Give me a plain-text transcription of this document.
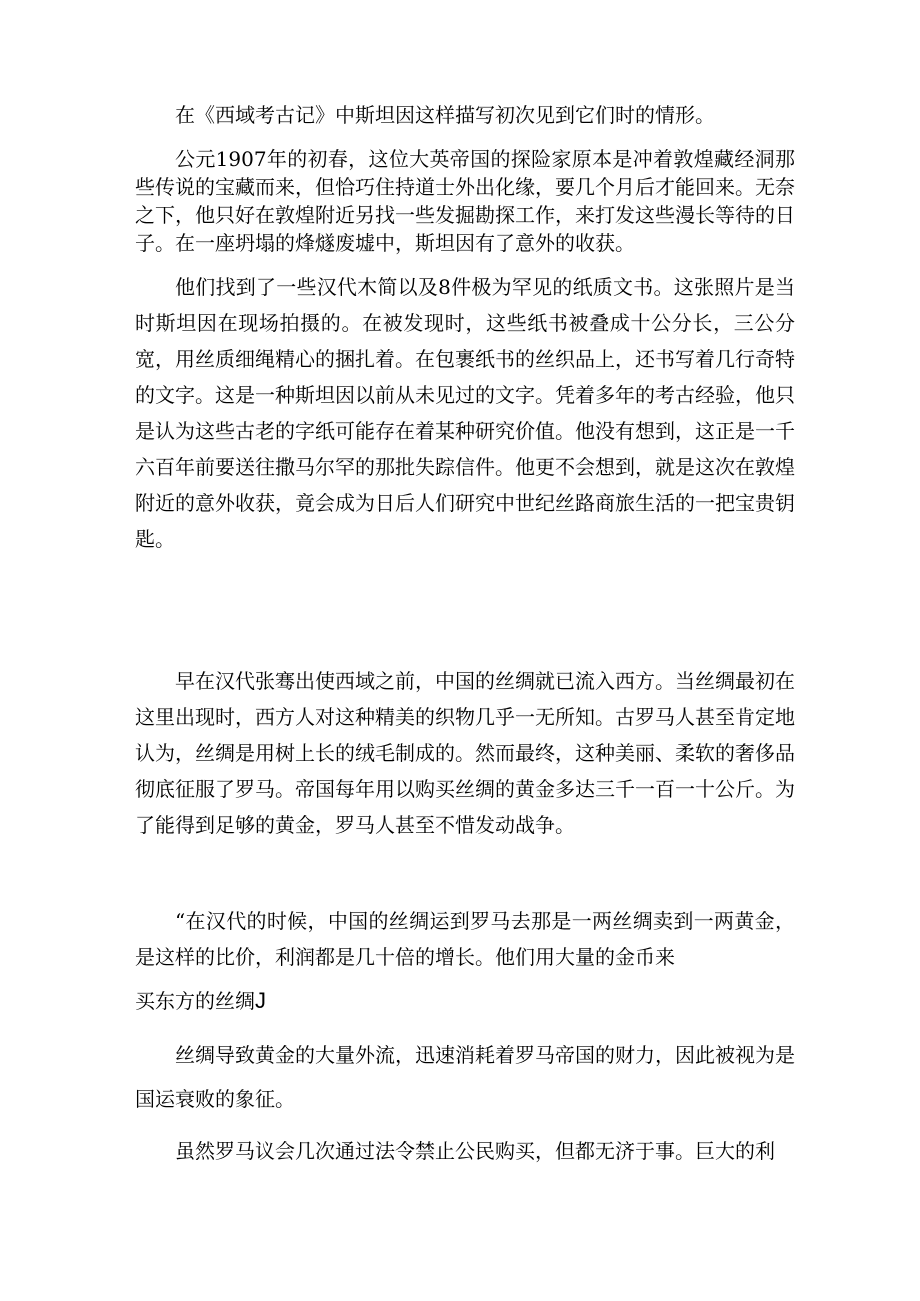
在《西域考古记》中斯坦因这样描写初次见到它们时的情形。

公元1907年的初春，这位大英帝国的探险家原本是冲着敦煌藏经洞那些传说的宝藏而来，但恰巧住持道士外出化缘，要几个月后才能回来。无奈之下，他只好在敦煌附近另找一些发掘勘探工作，来打发这些漫长等待的日子。在一座坍塌的烽燧废墟中，斯坦因有了意外的收获。

他们找到了一些汉代木简以及8件极为罕见的纸质文书。这张照片是当时斯坦因在现场拍摄的。在被发现时，这些纸书被叠成十公分长，三公分宽，用丝质细绳精心的捆扎着。在包裹纸书的丝织品上，还书写着几行奇特的文字。这是一种斯坦因以前从未见过的文字。凭着多年的考古经验，他只是认为这些古老的字纸可能存在着某种研究价值。他没有想到，这正是一千六百年前要送往撒马尔罕的那批失踪信件。他更不会想到，就是这次在敦煌附近的意外收获，竟会成为日后人们研究中世纪丝路商旅生活的一把宝贵钥匙。

早在汉代张骞出使西域之前，中国的丝绸就已流入西方。当丝绸最初在这里出现时，西方人对这种精美的织物几乎一无所知。古罗马人甚至肯定地认为，丝绸是用树上长的绒毛制成的。然而最终，这种美丽、柔软的奢侈品彻底征服了罗马。帝国每年用以购买丝绸的黄金多达三千一百一十公斤。为了能得到足够的黄金，罗马人甚至不惜发动战争。

“在汉代的时候，中国的丝绸运到罗马去那是一两丝绸卖到一两黄金，是这样的比价，利润都是几十倍的增长。他们用大量的金币来

买东方的丝绸J

丝绸导致黄金的大量外流，迅速消耗着罗马帝国的财力，因此被视为是国运衰败的象征。

虽然罗马议会几次通过法令禁止公民购买，但都无济于事。巨大的利
